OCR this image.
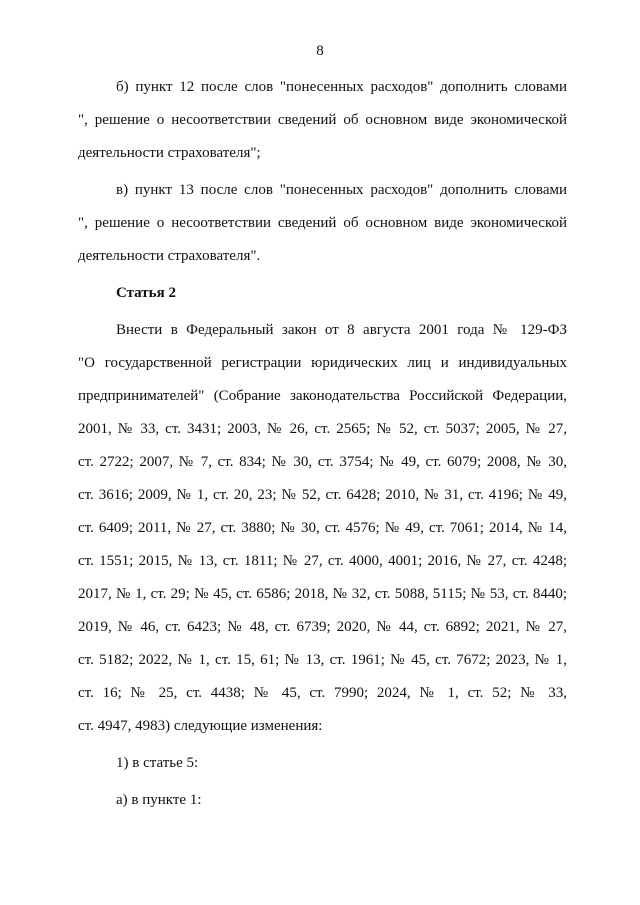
8
б) пункт 12 после слов "понесенных расходов" дополнить словами
", решение о несоответствии сведений об основном виде экономической
деятельности страхователя";
в) пункт 13 после слов "понесенных расходов" дополнить словами
", решение о несоответствии сведений об основном виде экономической
деятельности страхователя".
Статья 2
Внести в Федеральный закон от 8 августа 2001 года № 129-ФЗ
"О государственной регистрации юридических лиц и индивидуальных
предпринимателей" (Собрание законодательства Российской Федерации,
2001, № 33, ст. 3431; 2003, № 26, ст. 2565; № 52, ст. 5037; 2005, № 27,
ст. 2722; 2007, № 7, ст. 834; № 30, ст. 3754; № 49, ст. 6079; 2008, № 30,
ст. 3616; 2009, № 1, ст. 20, 23; № 52, ст. 6428; 2010, № 31, ст. 4196; № 49,
ст. 6409; 2011, № 27, ст. 3880; № 30, ст. 4576; № 49, ст. 7061; 2014, № 14,
ст. 1551; 2015, № 13, ст. 1811; № 27, ст. 4000, 4001; 2016, № 27, ст. 4248;
2017, № 1, ст. 29; № 45, ст. 6586; 2018, № 32, ст. 5088, 5115; № 53, ст. 8440;
2019, № 46, ст. 6423; № 48, ст. 6739; 2020, № 44, ст. 6892; 2021, № 27,
ст. 5182; 2022, № 1, ст. 15, 61; № 13, ст. 1961; № 45, ст. 7672; 2023, № 1,
ст. 16; № 25, ст. 4438; № 45, ст. 7990; 2024, № 1, ст. 52; № 33,
ст. 4947, 4983) следующие изменения:
1) в статье 5:
а) в пункте 1:
